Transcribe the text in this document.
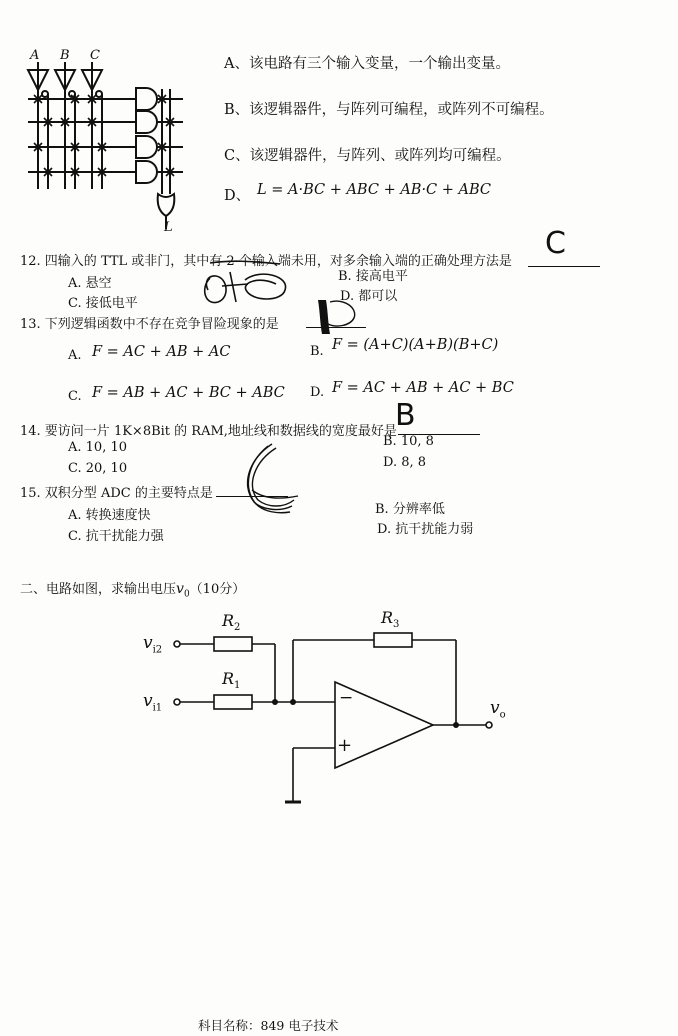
A B C
L
A、该电路有三个输入变量，一个输出变量。
B、该逻辑器件，与阵列可编程，或阵列不可编程。
C、该逻辑器件，与阵列、或阵列均可编程。
D、 L = A·BC + ABC + AB·C + ABC
12. 四输入的 TTL 或非门，其中有 2 个输入端未用，对多余输入端的正确处理方法是
C
A. 悬空	B. 接高电平
C. 接低电平	D. 都可以
13. 下列逻辑函数中不存在竞争冒险现象的是
A. F = AC + AB + AC	B. F = (A+C)(A+B)(B+C)
C. F = AB + AC + BC + ABC D. F = AC + AB + AC + BC
14. 要访问一片 1K×8Bit 的 RAM,地址线和数据线的宽度最好是
B
A. 10, 10	B. 10, 8
C. 20, 10	D. 8, 8
15. 双积分型 ADC 的主要特点是
A. 转换速度快	B. 分辨率低
C. 抗干扰能力强	D. 抗干扰能力弱
二、电路如图，求输出电压$v_0(10$分）
$R_2$
$R_1$
$R_3$
$v_{i2}$
$v_{i1}$	$v_o$
−
+
科目名称：849 电子技术
